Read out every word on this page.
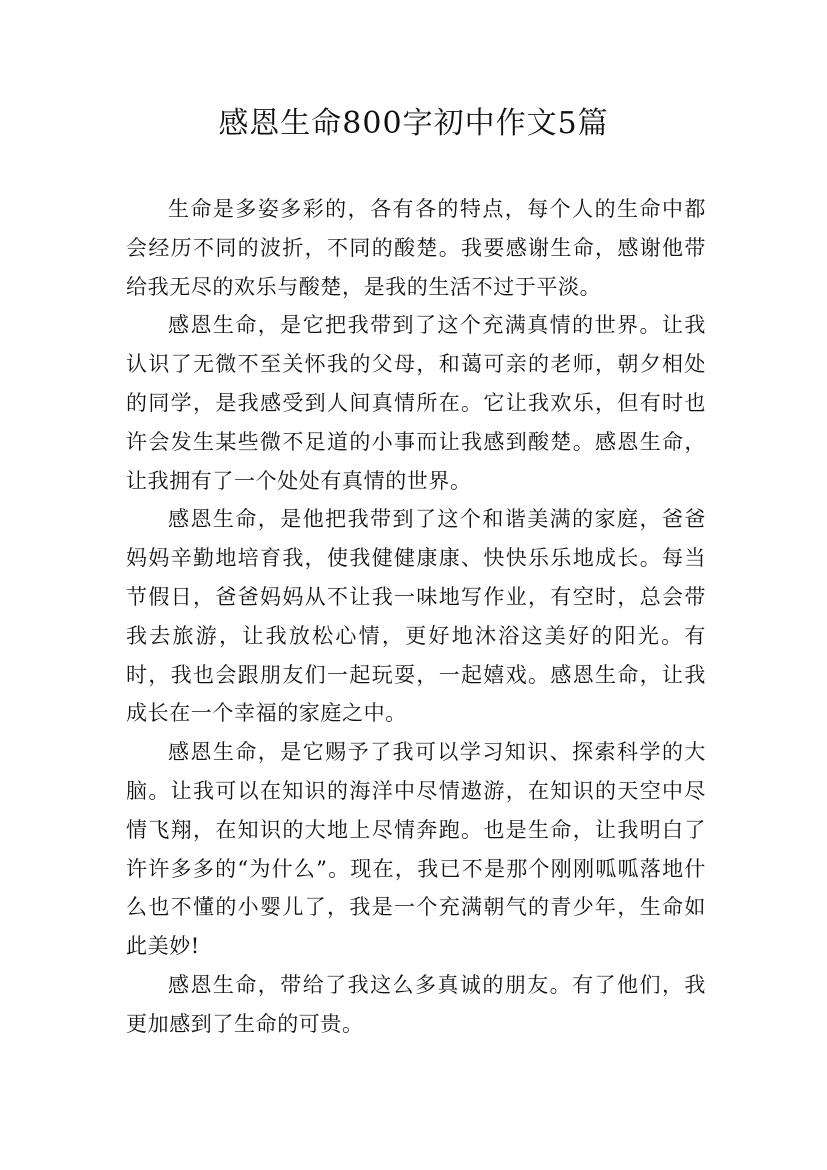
感恩生命800字初中作文5篇

生命是多姿多彩的，各有各的特点，每个人的生命中都会经历不同的波折，不同的酸楚。我要感谢生命，感谢他带给我无尽的欢乐与酸楚，是我的生活不过于平淡。

感恩生命，是它把我带到了这个充满真情的世界。让我认识了无微不至关怀我的父母，和蔼可亲的老师，朝夕相处的同学，是我感受到人间真情所在。它让我欢乐，但有时也许会发生某些微不足道的小事而让我感到酸楚。感恩生命，让我拥有了一个处处有真情的世界。

感恩生命，是他把我带到了这个和谐美满的家庭，爸爸妈妈辛勤地培育我，使我健健康康、快快乐乐地成长。每当节假日，爸爸妈妈从不让我一味地写作业，有空时，总会带我去旅游，让我放松心情，更好地沐浴这美好的阳光。有时，我也会跟朋友们一起玩耍，一起嬉戏。感恩生命，让我成长在一个幸福的家庭之中。

感恩生命，是它赐予了我可以学习知识、探索科学的大脑。让我可以在知识的海洋中尽情遨游，在知识的天空中尽情飞翔，在知识的大地上尽情奔跑。也是生命，让我明白了许许多多的“为什么”。现在，我已不是那个刚刚呱呱落地什么也不懂的小婴儿了，我是一个充满朝气的青少年，生命如此美妙!

感恩生命，带给了我这么多真诚的朋友。有了他们，我更加感到了生命的可贵。
